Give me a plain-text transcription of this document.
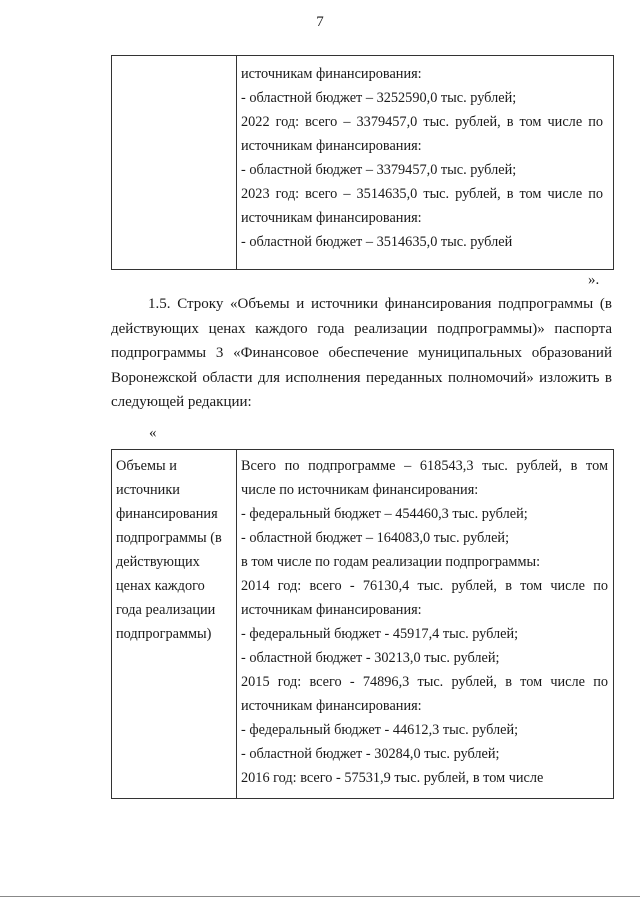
7
источникам финансирования:
- областной бюджет – 3252590,0 тыс. рублей;
2022 год: всего – 3379457,0 тыс. рублей, в том числе по
источникам финансирования:
- областной бюджет – 3379457,0 тыс. рублей;
2023 год: всего – 3514635,0 тыс. рублей, в том числе по
источникам финансирования:
- областной бюджет – 3514635,0 тыс. рублей
».
1.5. Строку «Объемы и источники финансирования подпрограммы (в
действующих ценах каждого года реализации подпрограммы)» паспорта
подпрограммы 3 «Финансовое обеспечение муниципальных образований
Воронежской области для исполнения переданных полномочий» изложить в
следующей редакции:
«
Объемы и
источники
финансирования
подпрограммы (в
действующих
ценах каждого
года реализации
подпрограммы)
Всего по подпрограмме – 618543,3 тыс. рублей, в том
числе по источникам финансирования:
- федеральный бюджет – 454460,3 тыс. рублей;
- областной бюджет – 164083,0 тыс. рублей;
в том числе по годам реализации подпрограммы:
2014 год: всего - 76130,4 тыс. рублей, в том числе по
источникам финансирования:
- федеральный бюджет - 45917,4 тыс. рублей;
- областной бюджет - 30213,0 тыс. рублей;
2015 год: всего - 74896,3 тыс. рублей, в том числе по
источникам финансирования:
- федеральный бюджет - 44612,3 тыс. рублей;
- областной бюджет - 30284,0 тыс. рублей;
2016 год: всего - 57531,9 тыс. рублей, в том числе
